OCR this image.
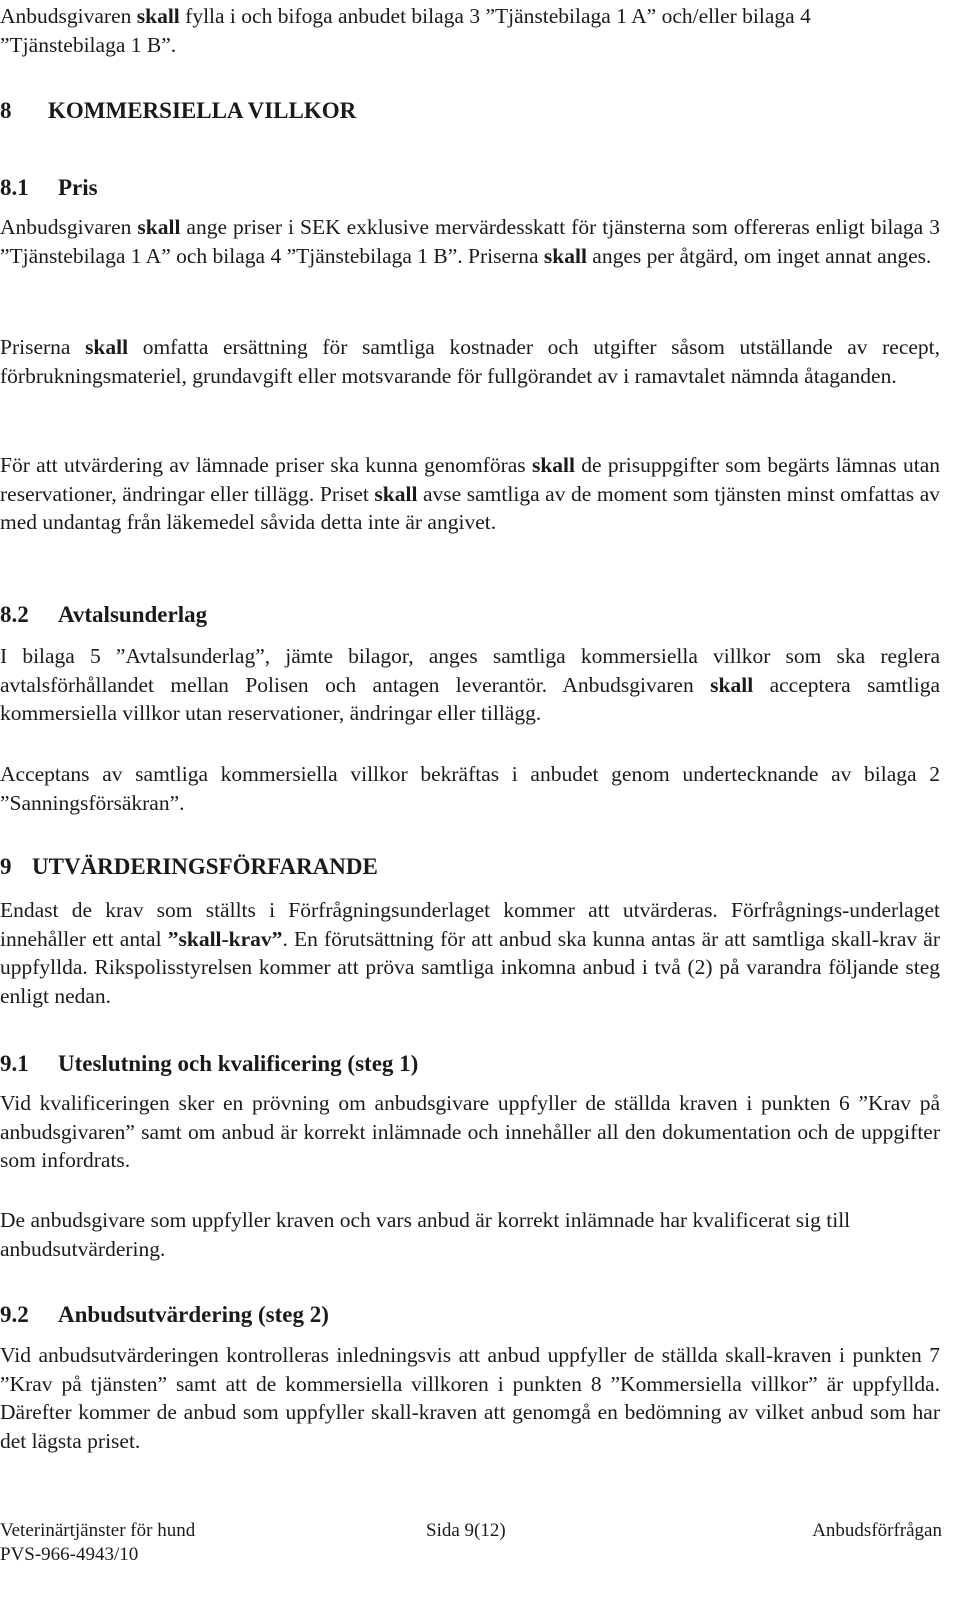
Anbudsgivaren skall fylla i och bifoga anbudet bilaga 3 ”Tjänstebilaga 1 A” och/eller bilaga 4 ”Tjänstebilaga 1 B”.

8 KOMMERSIELLA VILLKOR
8.1 Pris

Anbudsgivaren skall ange priser i SEK exklusive mervärdesskatt för tjänsterna som offereras enligt bilaga 3 ”Tjänstebilaga 1 A” och bilaga 4 ”Tjänstebilaga 1 B”. Priserna skall anges per åtgärd, om inget annat anges.

Priserna skall omfatta ersättning för samtliga kostnader och utgifter såsom utställande av recept, förbrukningsmateriel, grundavgift eller motsvarande för fullgörandet av i ramavtalet nämnda åtaganden.

För att utvärdering av lämnade priser ska kunna genomföras skall de prisuppgifter som begärts lämnas utan reservationer, ändringar eller tillägg. Priset skall avse samtliga av de moment som tjänsten minst omfattas av med undantag från läkemedel såvida detta inte är angivet.

8.2 Avtalsunderlag

I bilaga 5 ”Avtalsunderlag”, jämte bilagor, anges samtliga kommersiella villkor som ska reglera avtalsförhållandet mellan Polisen och antagen leverantör. Anbudsgivaren skall acceptera samtliga kommersiella villkor utan reservationer, ändringar eller tillägg.

Acceptans av samtliga kommersiella villkor bekräftas i anbudet genom undertecknande av bilaga 2 ”Sanningsförsäkran”.

9 UTVÄRDERINGSFÖRFARANDE

Endast de krav som ställts i Förfrågningsunderlaget kommer att utvärderas. Förfrågnings-underlaget innehåller ett antal ”skall-krav”. En förutsättning för att anbud ska kunna antas är att samtliga skall-krav är uppfyllda. Rikspolisstyrelsen kommer att pröva samtliga inkomna anbud i två (2) på varandra följande steg enligt nedan.

9.1 Uteslutning och kvalificering (steg 1)

Vid kvalificeringen sker en prövning om anbudsgivare uppfyller de ställda kraven i punkten 6 ”Krav på anbudsgivaren” samt om anbud är korrekt inlämnade och innehåller all den dokumentation och de uppgifter som infordrats.

De anbudsgivare som uppfyller kraven och vars anbud är korrekt inlämnade har kvalificerat sig till anbudsutvärdering.

9.2 Anbudsutvärdering (steg 2)

Vid anbudsutvärderingen kontrolleras inledningsvis att anbud uppfyller de ställda skall-kraven i punkten 7 ”Krav på tjänsten” samt att de kommersiella villkoren i punkten 8 ”Kommersiella villkor” är uppfyllda. Därefter kommer de anbud som uppfyller skall-kraven att genomgå en bedömning av vilket anbud som har det lägsta priset.

Veterinärtjänster för hund
PVS-966-4943/10
Sida 9(12)	Anbudsförfrågan
